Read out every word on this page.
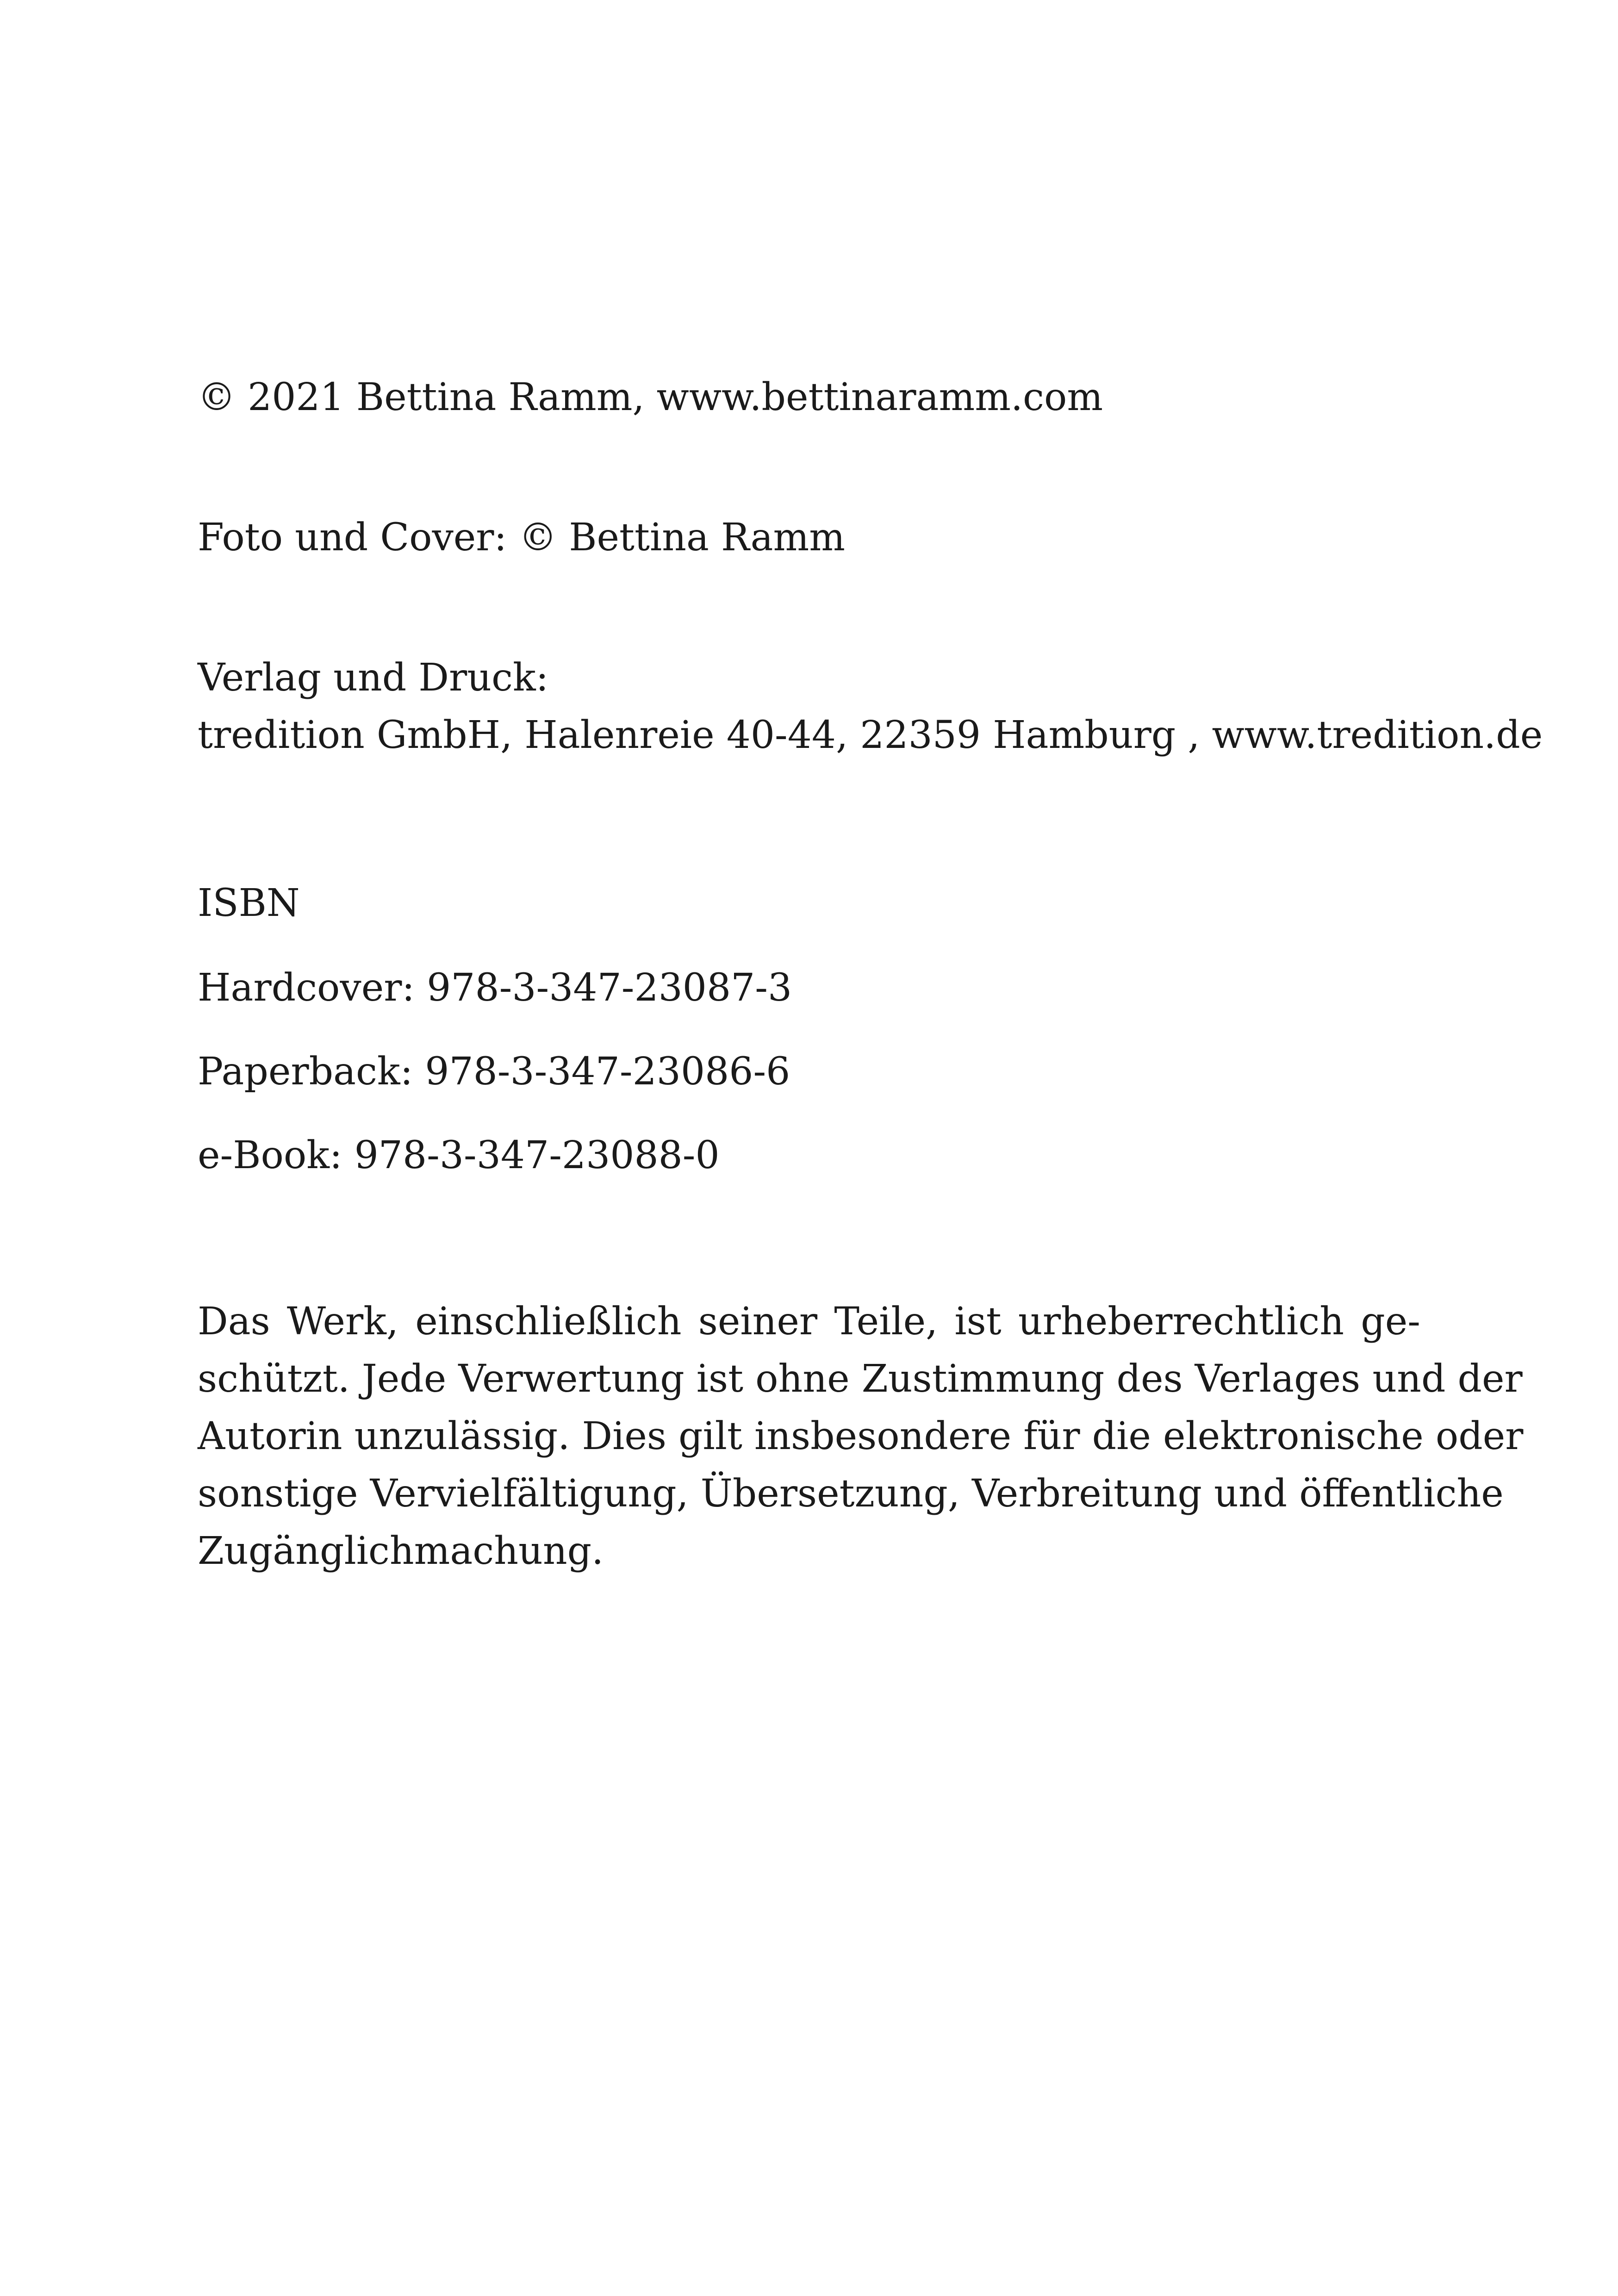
© 2021 Bettina Ramm, www.bettinaramm.com
Foto und Cover: © Bettina Ramm
Verlag und Druck:
tredition GmbH, Halenreie 40-44, 22359 Hamburg , www.tredition.de
ISBN
Hardcover: 978-3-347-23087-3
Paperback: 978-3-347-23086-6
e-Book: 978-3-347-23088-0
Das Werk, einschließlich seiner Teile, ist urheberrechtlich ge-
schützt. Jede Verwertung ist ohne Zustimmung des Verlages und der
Autorin unzulässig. Dies gilt insbesondere für die elektronische oder
sonstige Vervielfältigung, Übersetzung, Verbreitung und öffentliche
Zugänglichmachung.
